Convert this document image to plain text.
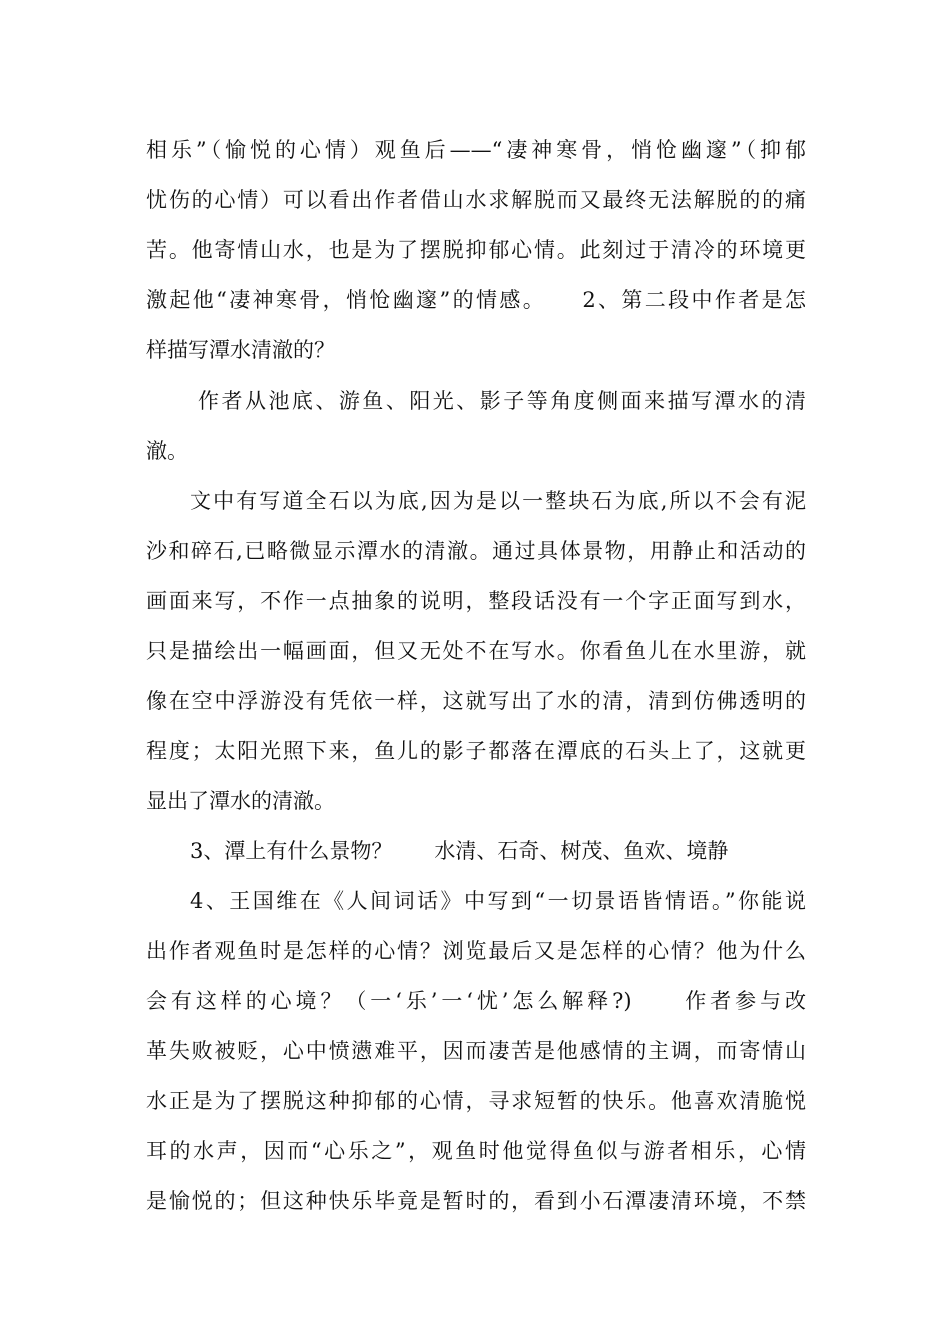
相乐”（愉悦的心情）观鱼后——“凄神寒骨，悄怆幽邃”（抑郁
忧伤的心情）可以看出作者借山水求解脱而又最终无法解脱的的痛
苦。他寄情山水，也是为了摆脱抑郁心情。此刻过于清冷的环境更
激起他“凄神寒骨，悄怆幽邃”的情感。　　2、第二段中作者是怎
样描写潭水清澈的？
作者从池底、游鱼、阳光、影子等角度侧面来描写潭水的清
澈。
文中有写道全石以为底,因为是以一整块石为底,所以不会有泥
沙和碎石,已略微显示潭水的清澈。通过具体景物，用静止和活动的
画面来写，不作一点抽象的说明，整段话没有一个字正面写到水，
只是描绘出一幅画面，但又无处不在写水。你看鱼儿在水里游，就
像在空中浮游没有凭依一样，这就写出了水的清，清到仿佛透明的
程度；太阳光照下来，鱼儿的影子都落在潭底的石头上了，这就更
显出了潭水的清澈。
3、潭上有什么景物？　　水清、石奇、树茂、鱼欢、境静
4、王国维在《人间词话》中写到“一切景语皆情语。”你能说
出作者观鱼时是怎样的心情？浏览最后又是怎样的心情？他为什么
会有这样的心境？（一‘乐’一‘忧’怎么解释?)　　作者参与改
革失败被贬，心中愤懑难平，因而凄苦是他感情的主调，而寄情山
水正是为了摆脱这种抑郁的心情，寻求短暂的快乐。他喜欢清脆悦
耳的水声，因而“心乐之”，观鱼时他觉得鱼似与游者相乐，心情
是愉悦的；但这种快乐毕竟是暂时的，看到小石潭凄清环境，不禁
